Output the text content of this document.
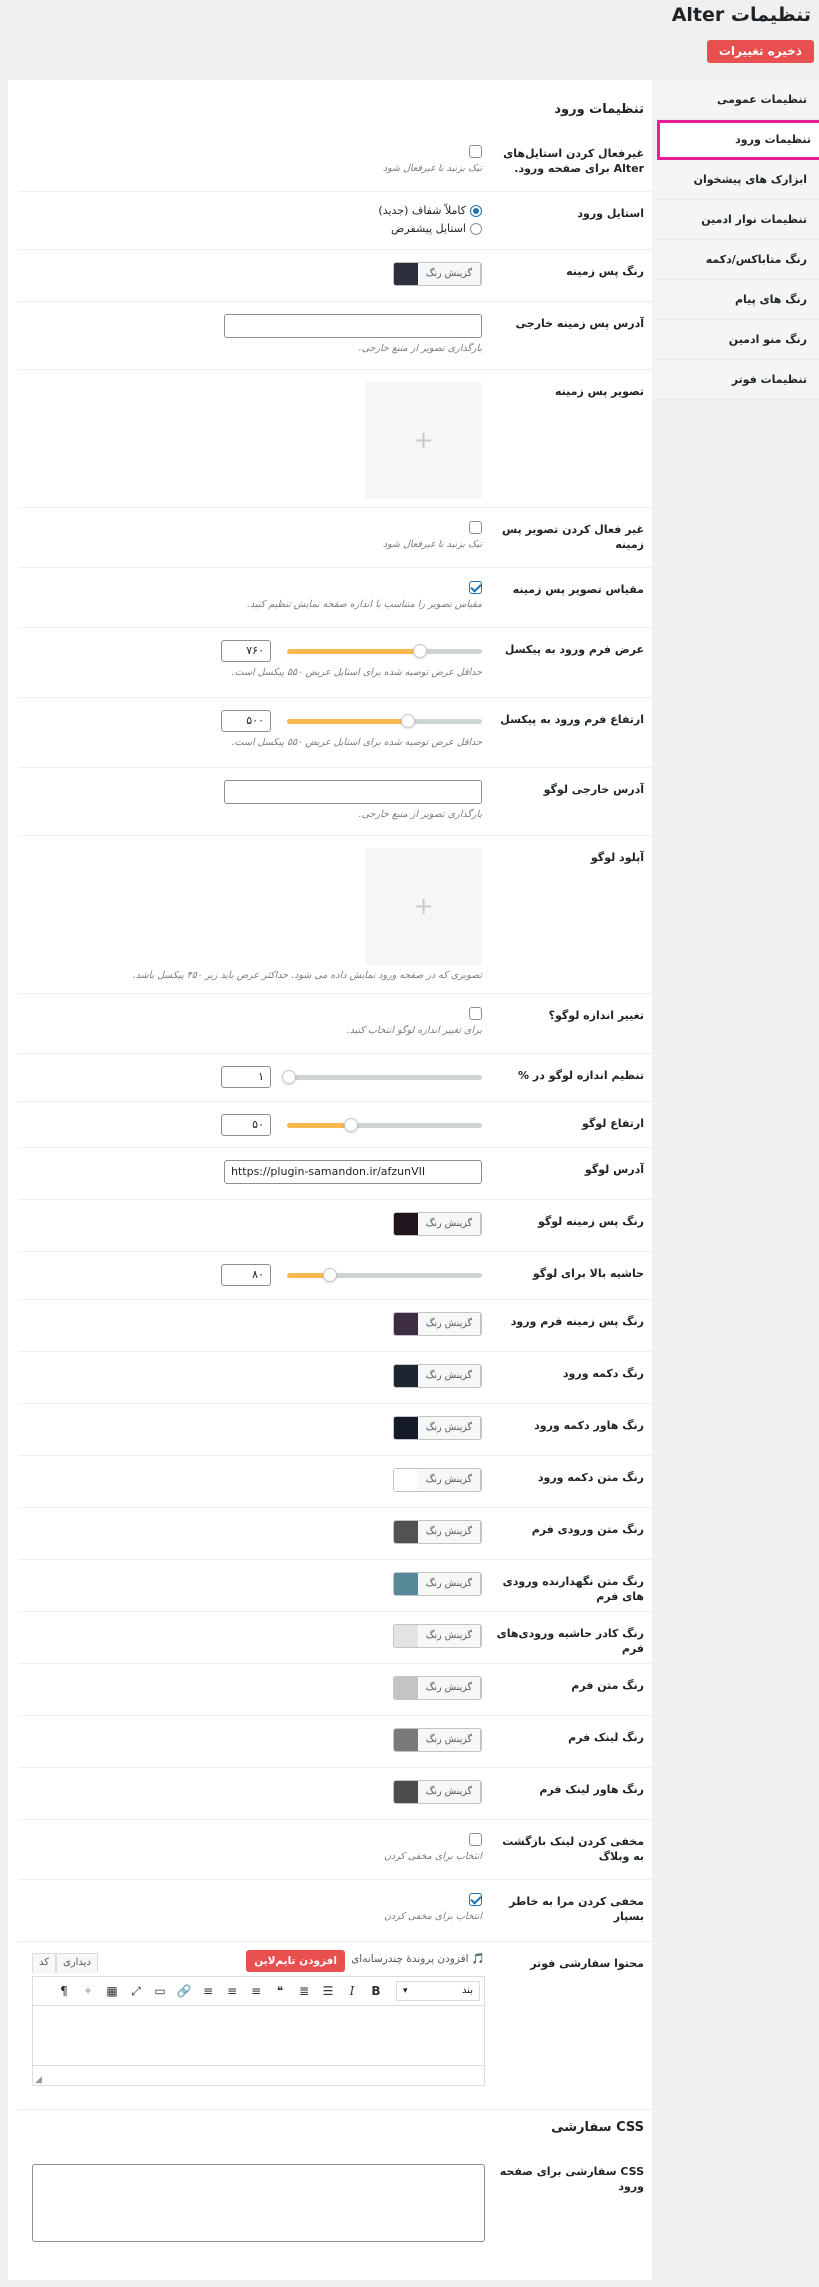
تنظیمات Alter
ذخیره تغییرات
تنظیمات عمومی
تنظیمات ورود
ابزارک های پیشخوان
تنظیمات نوار ادمین
رنگ متاباکس/دکمه
رنگ های پیام
رنگ منو ادمین
تنظیمات فوتر
تنظیمات ورود
غیرفعال کردن استایل‌های Alter برای صفحه ورود.
تیک بزنید تا غیرفعال شود
استایل ورود
کاملاً شفاف (جدید)
استایل پیشفرض
رنگ پس زمینه
گزینش رنگ
آدرس پس زمینه خارجی
بارگذاری تصویر از منبع خارجی.
تصویر پس زمینه
+
غیر فعال کردن تصویر پس زمینه
تیک بزنید تا غیرفعال شود
مقیاس تصویر پس زمینه
مقیاس تصویر را متناسب با اندازه صفحه نمایش تنظیم کنید.
عرض فرم ورود به پیکسل
۷۶۰
حداقل عرض توصیه شده برای استایل عریض ۵۵۰ پیکسل است.
ارتفاع فرم ورود به پیکسل
۵۰۰
حداقل عرض توصیه شده برای استایل عریض ۵۵۰ پیکسل است.
آدرس خارجی لوگو
بارگذاری تصویر از منبع خارجی.
آپلود لوگو
+
تصویری که در صفحه ورود نمایش داده می شود. حداکثر عرض باید زیر ۴۵۰ پیکسل باشد.
تغییر اندازه لوگو؟
برای تغییر اندازه لوگو انتخاب کنید.
تنظیم اندازه لوگو در %
۱
ارتفاع لوگو
۵۰
آدرس لوگو
https://plugin-samandon.ir/afzunVII
رنگ پس زمینه لوگو
گزینش رنگ
حاشیه بالا برای لوگو
۸۰
رنگ پس زمینه فرم ورود
گزینش رنگ
رنگ دکمه ورود
گزینش رنگ
رنگ هاور دکمه ورود
گزینش رنگ
رنگ متن دکمه ورود
گزینش رنگ
رنگ متن ورودی فرم
گزینش رنگ
رنگ متن نگهدارنده ورودی های فرم
گزینش رنگ
رنگ کادر حاشیه ورودی‌های فرم
گزینش رنگ
رنگ متن فرم
گزینش رنگ
رنگ لینک فرم
گزینش رنگ
رنگ هاور لینک فرم
گزینش رنگ
مخفی کردن لینک بازگشت به وبلاگ
انتخاب برای مخفی کردن
مخفی کردن مرا به خاطر بسپار
انتخاب برای مخفی کردن
محتوا سفارشی فوتر
🎵 افزودن پروندهٔ چندرسانه‌ای
افزودن تایم‌لاین
دیداری
کد
بند ▾
B
I
☰
≣
❝
≡
≡
≡
🔗
▭
⤢
▦
✦
¶
◢
CSS سفارشی
CSS سفارشی برای صفحه ورود
